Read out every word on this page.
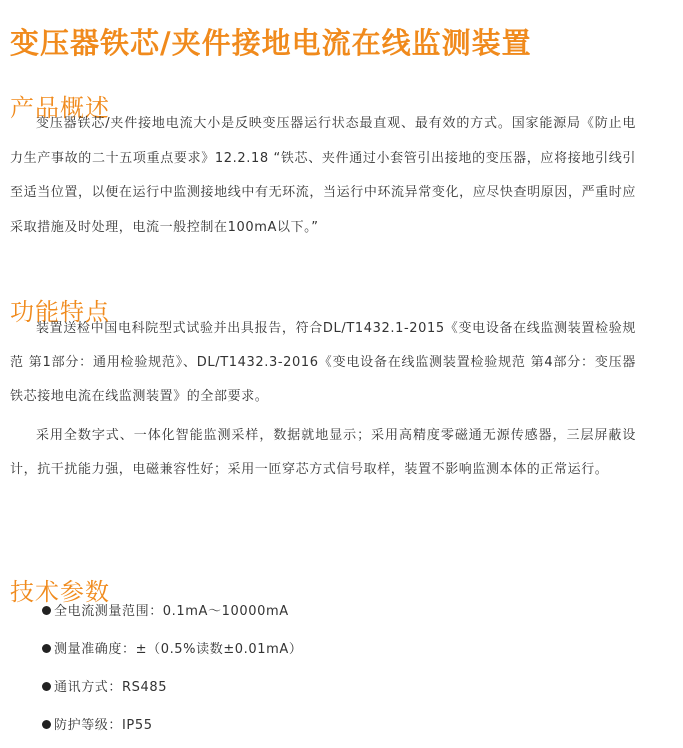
变压器铁芯/夹件接地电流在线监测装置
产品概述

变压器铁芯/夹件接地电流大小是反映变压器运行状态最直观、最有效的方式。国家能源局《防止电力生产事故的二十五项重点要求》12.2.18 “铁芯、夹件通过小套管引出接地的变压器，应将接地引线引至适当位置，以便在运行中监测接地线中有无环流，当运行中环流异常变化，应尽快查明原因，严重时应采取措施及时处理，电流一般控制在100mA以下。”

功能特点

装置送检中国电科院型式试验并出具报告，符合DL/T1432.1-2015《变电设备在线监测装置检验规范 第1部分：通用检验规范》、DL/T1432.3-2016《变电设备在线监测装置检验规范 第4部分：变压器铁芯接地电流在线监测装置》的全部要求。

采用全数字式、一体化智能监测采样，数据就地显示；采用高精度零磁通无源传感器，三层屏蔽设计，抗干扰能力强，电磁兼容性好；采用一匝穿芯方式信号取样，装置不影响监测本体的正常运行。

技术参数
全电流测量范围：0.1mA～10000mA
测量准确度：±（0.5%读数±0.01mA）
通讯方式：RS485
防护等级：IP55
